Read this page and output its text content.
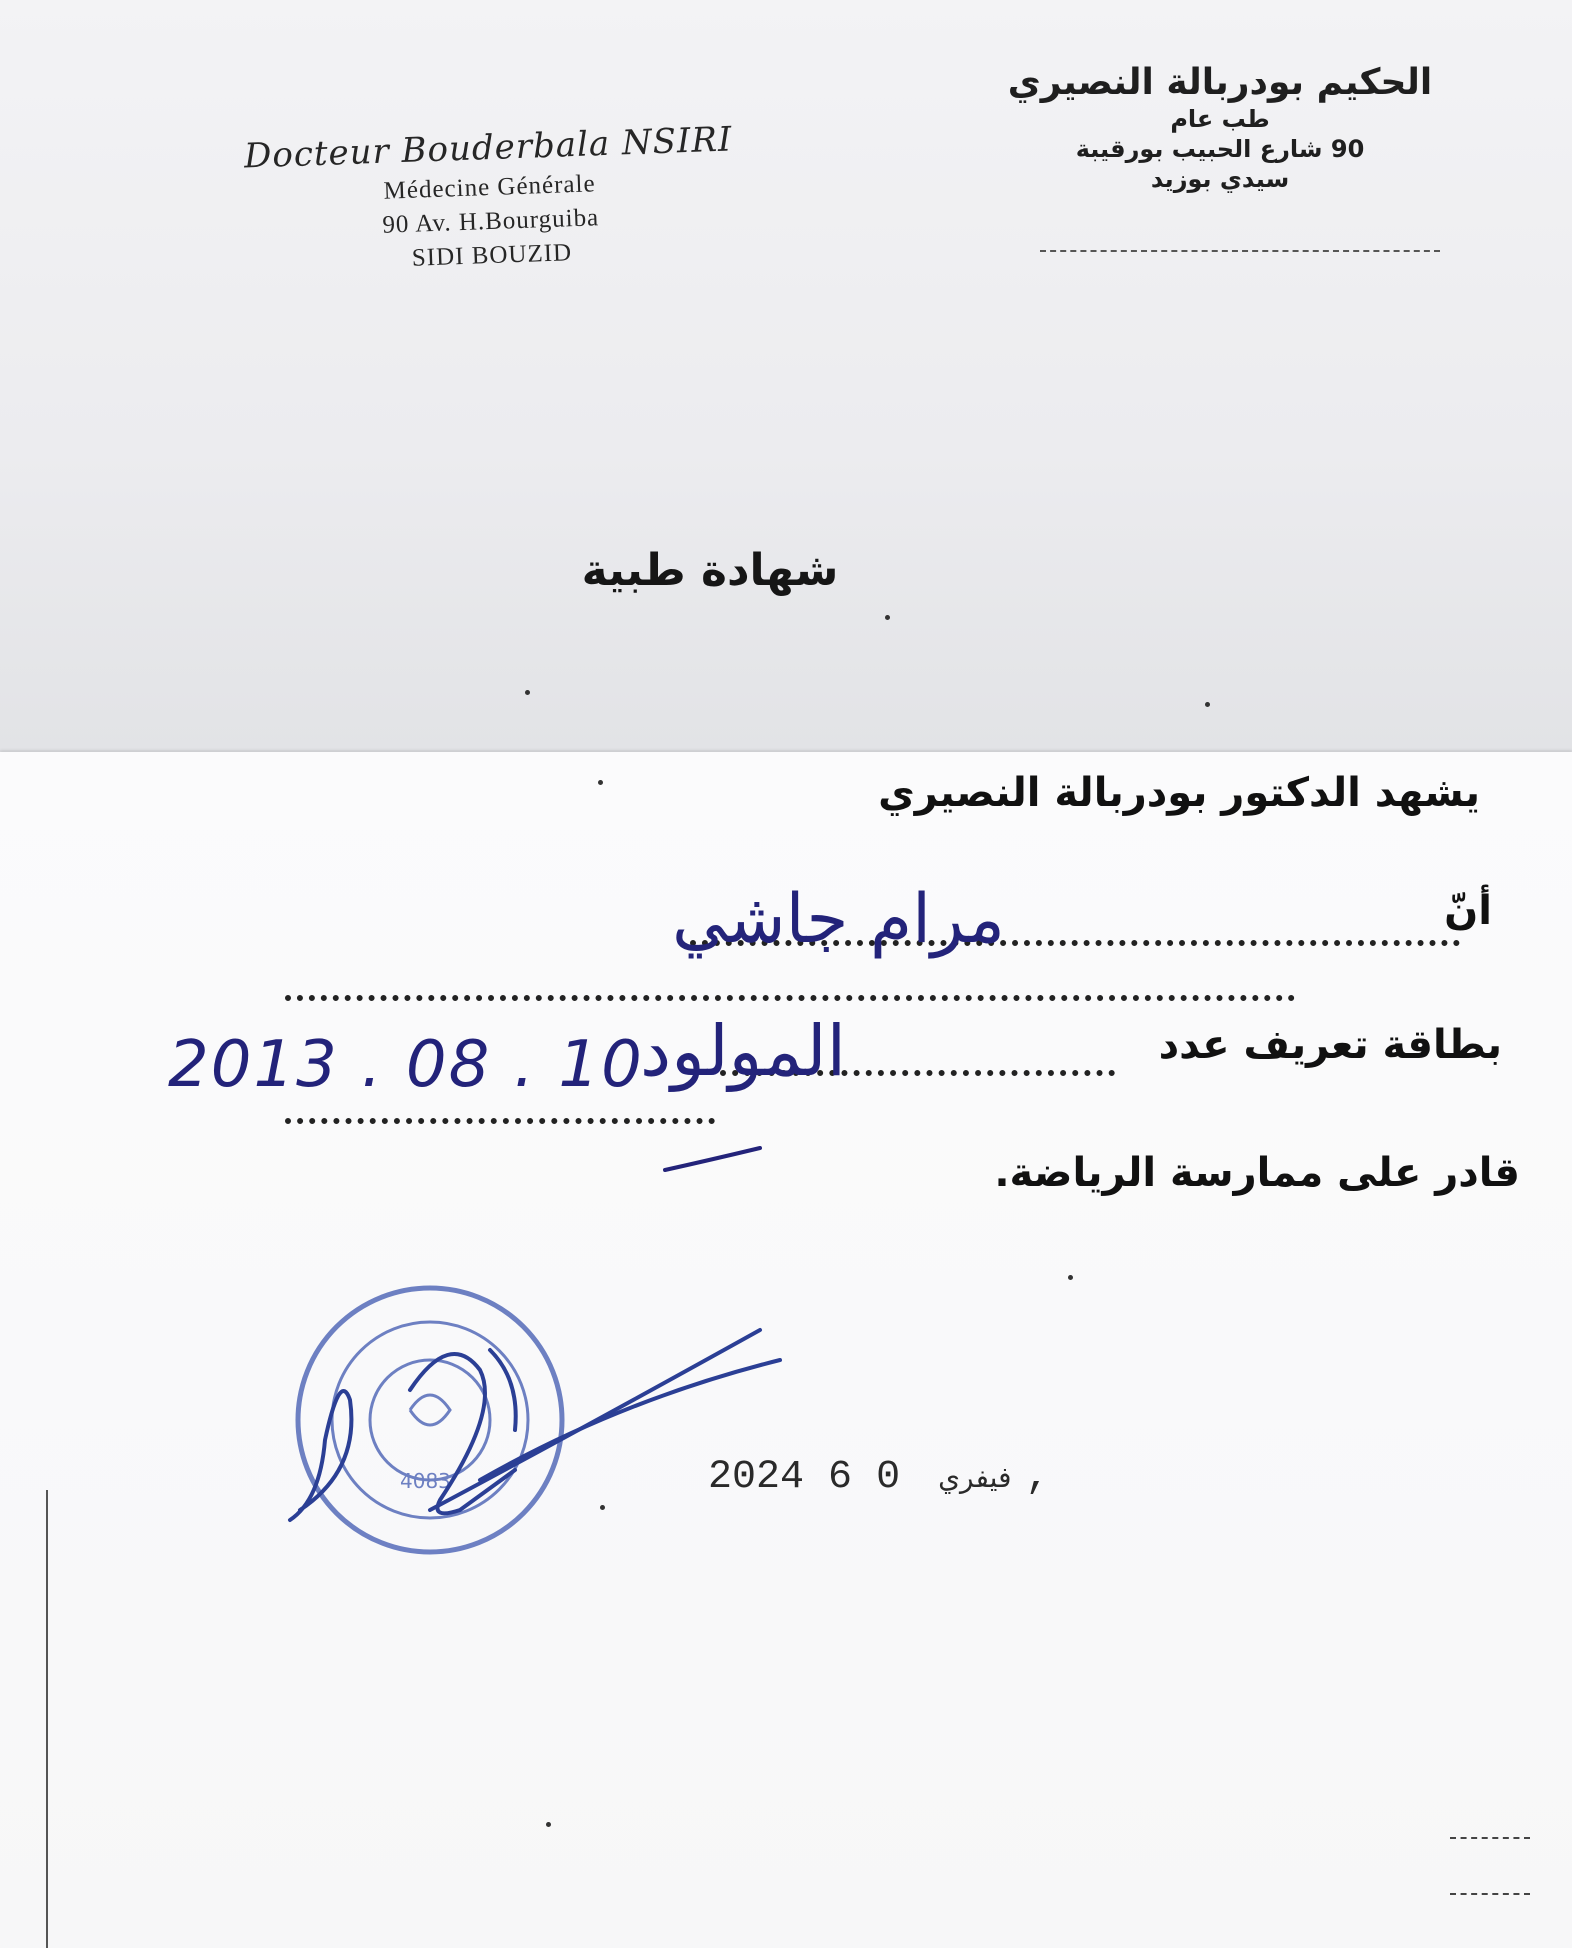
Docteur Bouderbala NSIRI
Médecine Générale
90 Av. H.Bourguiba
SIDI BOUZID
الحكيم بودربالة النصيري
طب عام
90 شارع الحبيب بورقيبة
سيدي بوزيد
شهادة طبية
يشهد الدكتور بودربالة النصيري
أنّ
مرام جاشي
بطاقة تعريف عدد
المولود
2013 . 08 . 10
قادر على ممارسة الرياضة.
4083	2024	فيفري 0 6,
